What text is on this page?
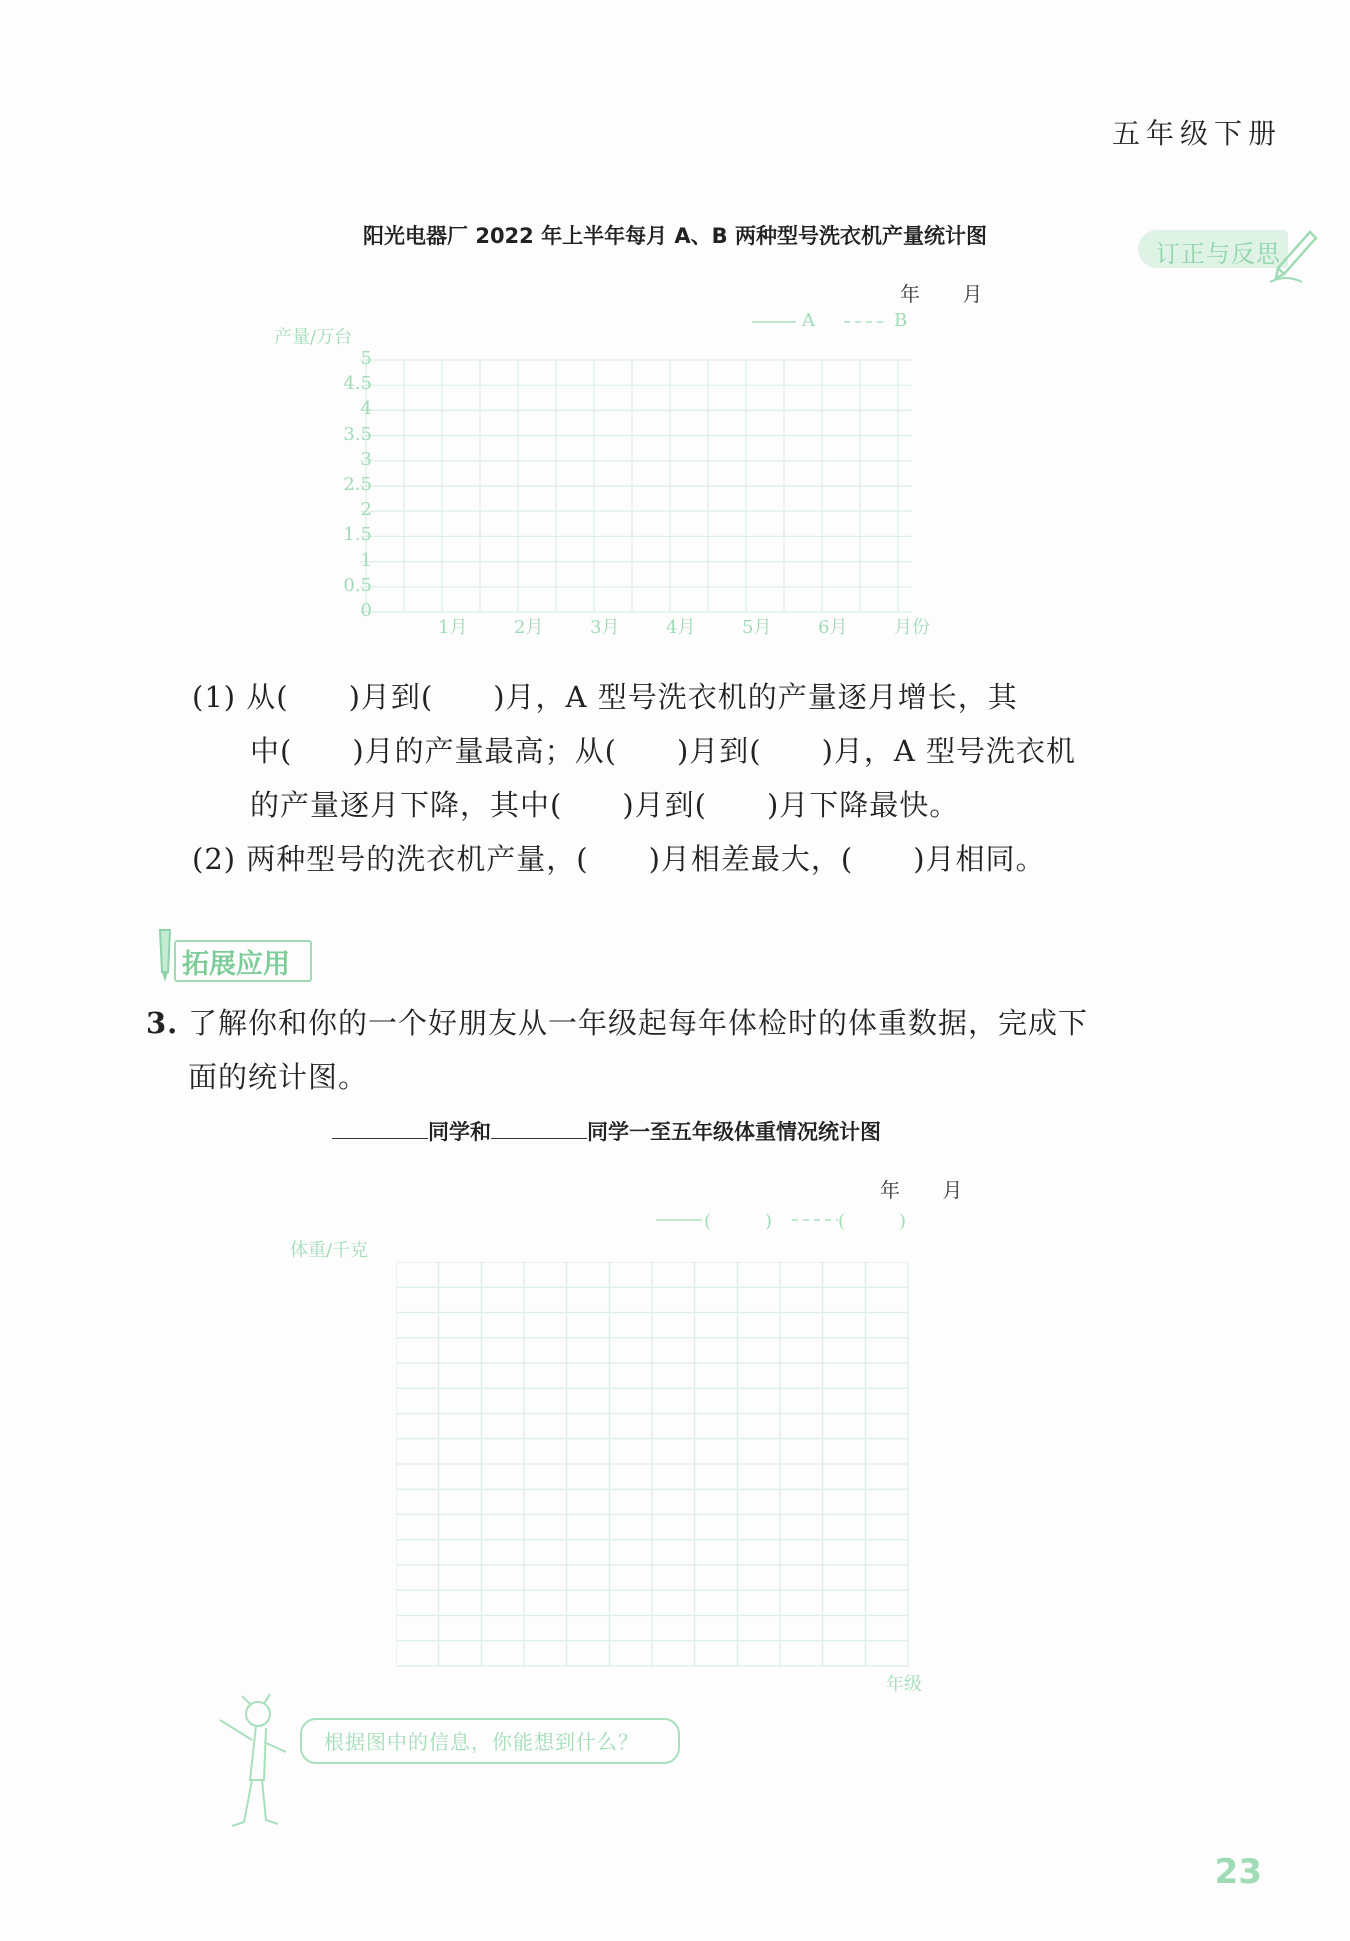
五年级下册
订正与反思
阳光电器厂 2022 年上半年每月 A、B 两种型号洗衣机产量统计图
年 月
A	B
产量/万台
月份
(1) 从(　　)月到(　　)月，A 型号洗衣机的产量逐月增长，其
中(　　)月的产量最高；从(　　)月到(　　)月，A 型号洗衣机
的产量逐月下降，其中(　　)月到(　　)月下降最快。
(2) 两种型号的洗衣机产量，(　　)月相差最大，(　　)月相同。
拓展应用
3. 了解你和你的一个好朋友从一年级起每年体检时的体重数据，完成下
面的统计图。
同学和	同学一至五年级体重情况统计图
年 月
(　　)	(　　)
体重/千克
年级
根据图中的信息，你能想到什么？
23
0
0.5
1
1.5
2
2.5
3
3.5
4
4.5
5
1月	2月	3月	4月	5月	6月
